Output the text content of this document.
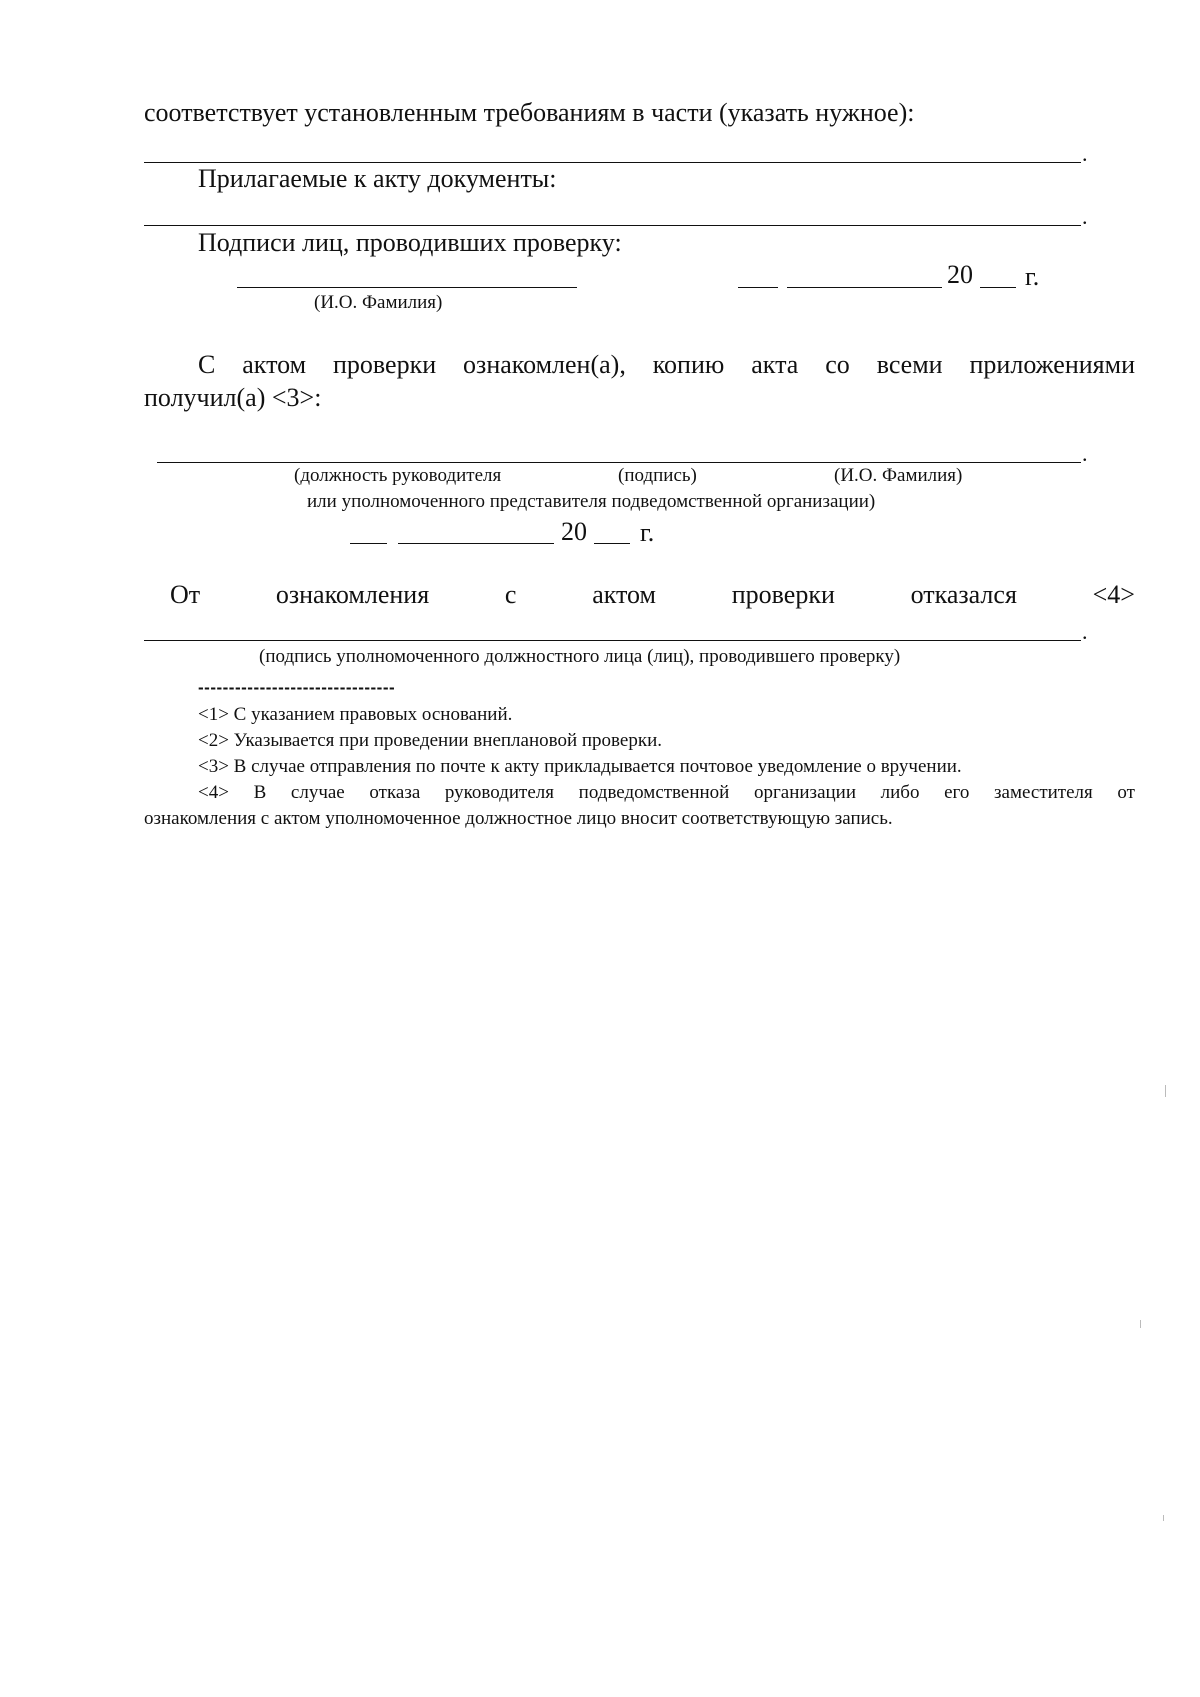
соответствует установленным требованиям в части (указать нужное):
.
Прилагаемые к акту документы:
.
Подписи лиц, проводивших проверку:
(И.О. Фамилия)
20 г.
С актом проверки ознакомлен(а), копию акта со всеми приложениями
получил(а) <3>:
.
(должность руководителя	(подпись)	(И.О. Фамилия)
или уполномоченного представителя подведомственной организации)
20 г.
От	ознакомления	с	актом	проверки	отказался	<4>
.
(подпись уполномоченного должностного лица (лиц), проводившего проверку)
--------------------------------
<1> С указанием правовых оснований.
<2> Указывается при проведении внеплановой проверки.
<3> В случае отправления по почте к акту прикладывается почтовое уведомление о вручении.
<4> В случае отказа руководителя подведомственной организации либо его заместителя от
ознакомления с актом уполномоченное должностное лицо вносит соответствующую запись.
